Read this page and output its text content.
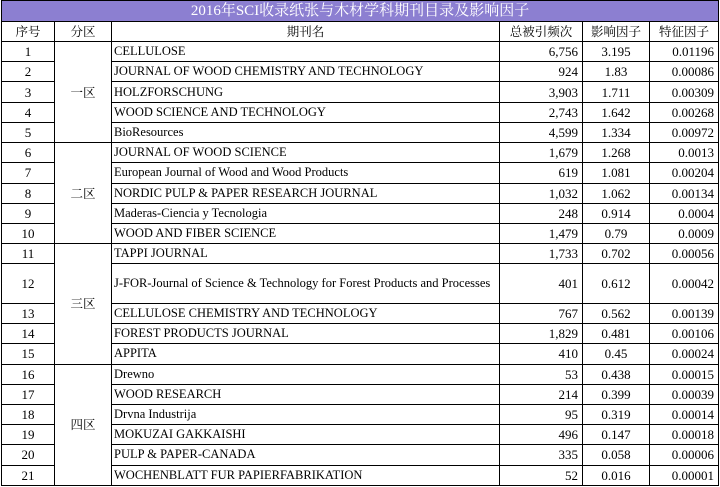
2016年SCI收录纸张与木材学科期刊目录及影响因子					
序号	分区	期刊名	总被引频次	影响因子	特征因子
1	一区	CELLULOSE	6,756	3.195	0.01196
2		JOURNAL OF WOOD CHEMISTRY AND TECHNOLOGY	924	1.83	0.00086
3		HOLZFORSCHUNG	3,903	1.711	0.00309
4		WOOD SCIENCE AND TECHNOLOGY	2,743	1.642	0.00268
5		BioResources	4,599	1.334	0.00972
6	二区	JOURNAL OF WOOD SCIENCE	1,679	1.268	0.0013
7		European Journal of Wood and Wood Products	619	1.081	0.00204
8		NORDIC PULP & PAPER RESEARCH JOURNAL	1,032	1.062	0.00134
9		Maderas-Ciencia y Tecnologia	248	0.914	0.0004
10		WOOD AND FIBER SCIENCE	1,479	0.79	0.0009
11	三区	TAPPI JOURNAL	1,733	0.702	0.00056
12		J-FOR-Journal of Science & Technology for Forest Products and Processes	401	0.612	0.00042
13		CELLULOSE CHEMISTRY AND TECHNOLOGY	767	0.562	0.00139
14		FOREST PRODUCTS JOURNAL	1,829	0.481	0.00106
15		APPITA	410	0.45	0.00024
16	四区	Drewno	53	0.438	0.00015
17		WOOD RESEARCH	214	0.399	0.00039
18		Drvna Industrija	95	0.319	0.00014
19		MOKUZAI GAKKAISHI	496	0.147	0.00018
20		PULP & PAPER-CANADA	335	0.058	0.00006
21		WOCHENBLATT FUR PAPIERFABRIKATION	52	0.016	0.00001
